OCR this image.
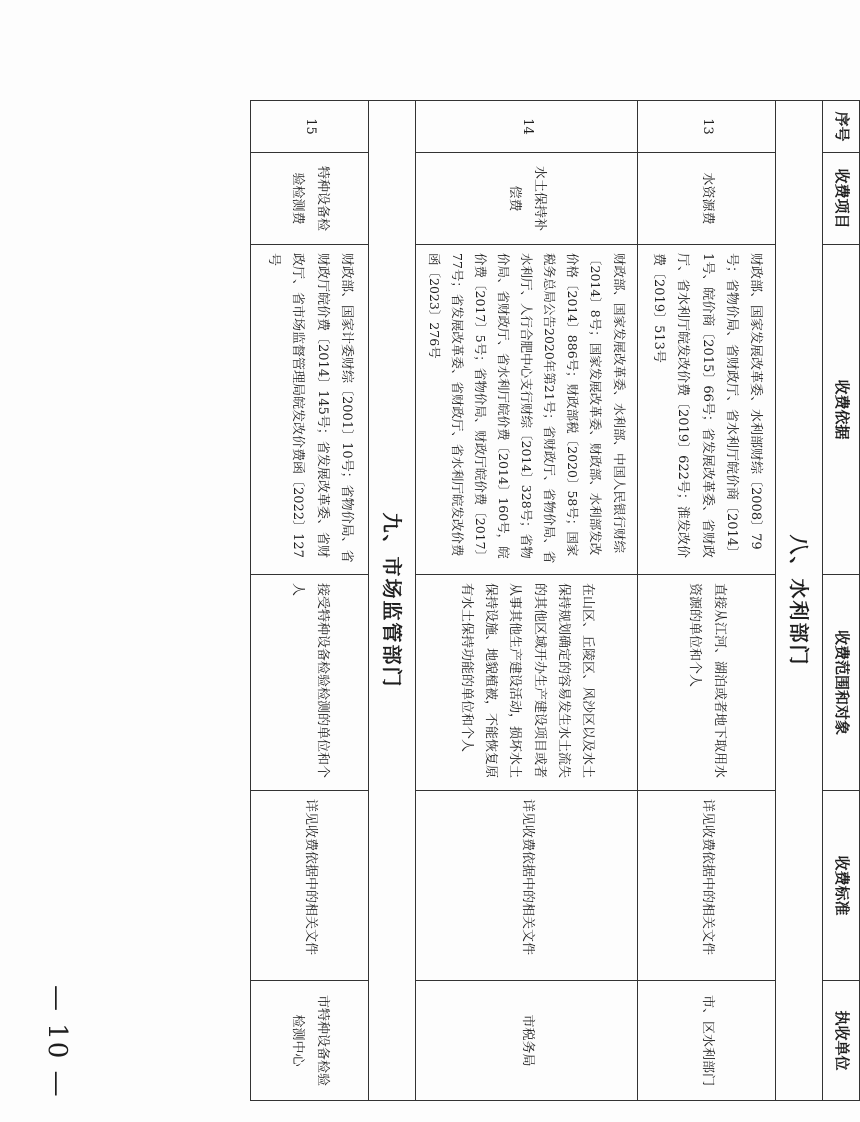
— 10 —
序号	收费项目	收费依据	收费范围和对象	收费标准	执收单位
八、水利部门					
13	水资源费	财政部、国家发展改革委、水利部财综〔2008〕79号；省物价局、省财政厅、省水利厅皖价商〔2014〕1号、皖价商〔2015〕66号；省发展改革委、省财政厅、省水利厅皖发改价费〔2019〕622号；淮发改价费〔2019〕513号	直接从江河、湖泊或者地下取用水资源的单位和个人	详见收费依据中的相关文件	市、区水利部门
14	水土保持补偿费	财政部、国家发展改革委、水利部、中国人民银行财综〔2014〕8号；国家发展改革委、财政部、水利部发改价格〔2014〕886号；财政部税〔2020〕58号；国家税务总局公告2020年第21号；省财政厅、省物价局、省水利厅、人行合肥中心支行财综〔2014〕328号；省物价局、省财政厅、省水利厅皖价费〔2014〕160号，皖价费〔2017〕5号；省物价局、财政厅皖价费〔2017〕77号；省发展改革委、省财政厅、省水利厅皖发改价费函〔2023〕276号	在山区、丘陵区、风沙区以及水土保持规划确定的容易发生水土流失的其他区域开办生产建设项目或者从事其他生产建设活动，损坏水土保持设施、地貌植被，不能恢复原有水土保持功能的单位和个人	详见收费依据中的相关文件	市税务局
九、市场监管部门					
15	特种设备检验检测费	财政部、国家计委财综〔2001〕10号；省物价局、省财政厅皖价费〔2014〕145号；省发展改革委、省财政厅、省市场监督管理局皖发改价费函〔2022〕127号	接受特种设备检验检测的单位和个人	详见收费依据中的相关文件	市特种设备检验检测中心
